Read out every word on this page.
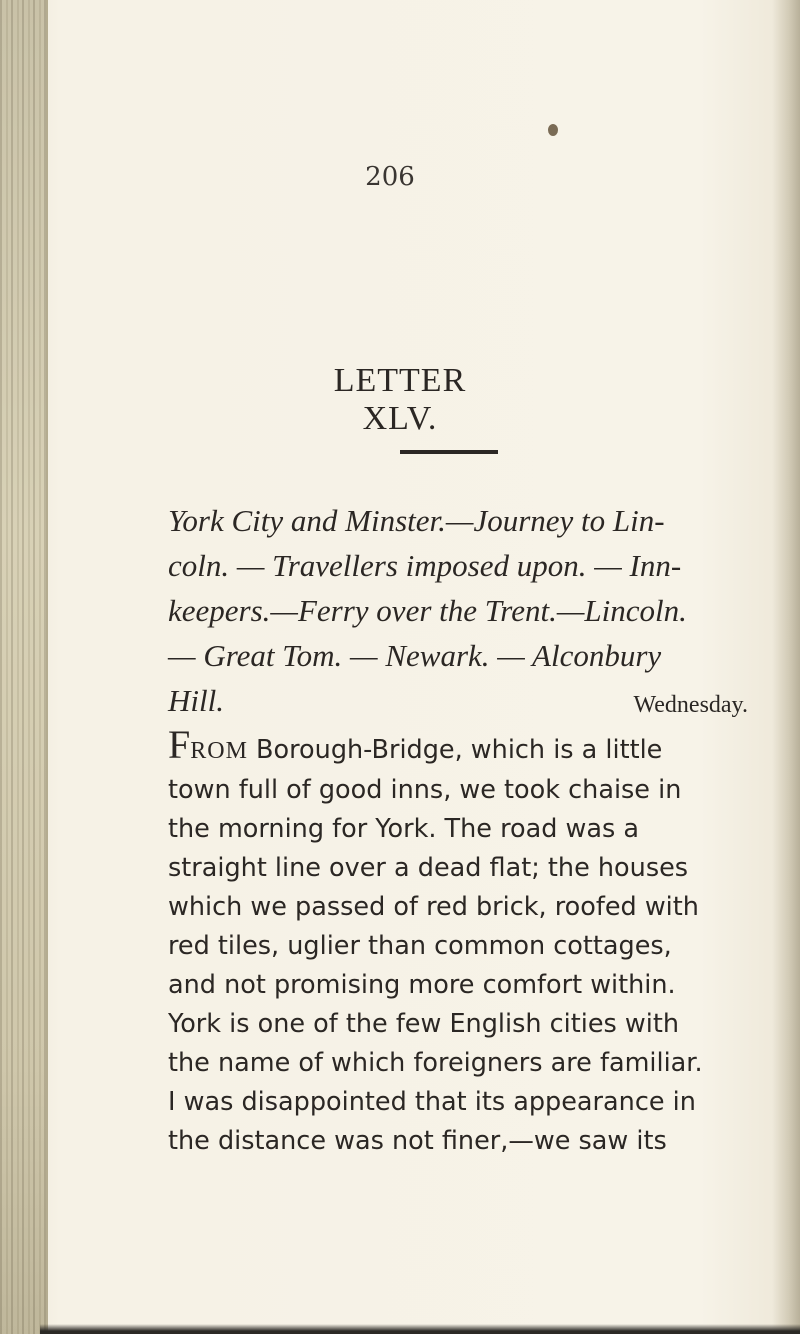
206
LETTER XLV.
York City and Minster.—Journey to Lin-
coln. — Travellers imposed upon. — Inn-
keepers.—Ferry over the Trent.—Lincoln.
— Great Tom. — Newark. — Alconbury
Hill.	Wednesday.
FROM Borough-Bridge, which is a little
town full of good inns, we took chaise in
the morning for York. The road was a
straight line over a dead flat; the houses
which we passed of red brick, roofed with
red tiles, uglier than common cottages,
and not promising more comfort within.
York is one of the few English cities with
the name of which foreigners are familiar.
I was disappointed that its appearance in
the distance was not finer,—we saw its
